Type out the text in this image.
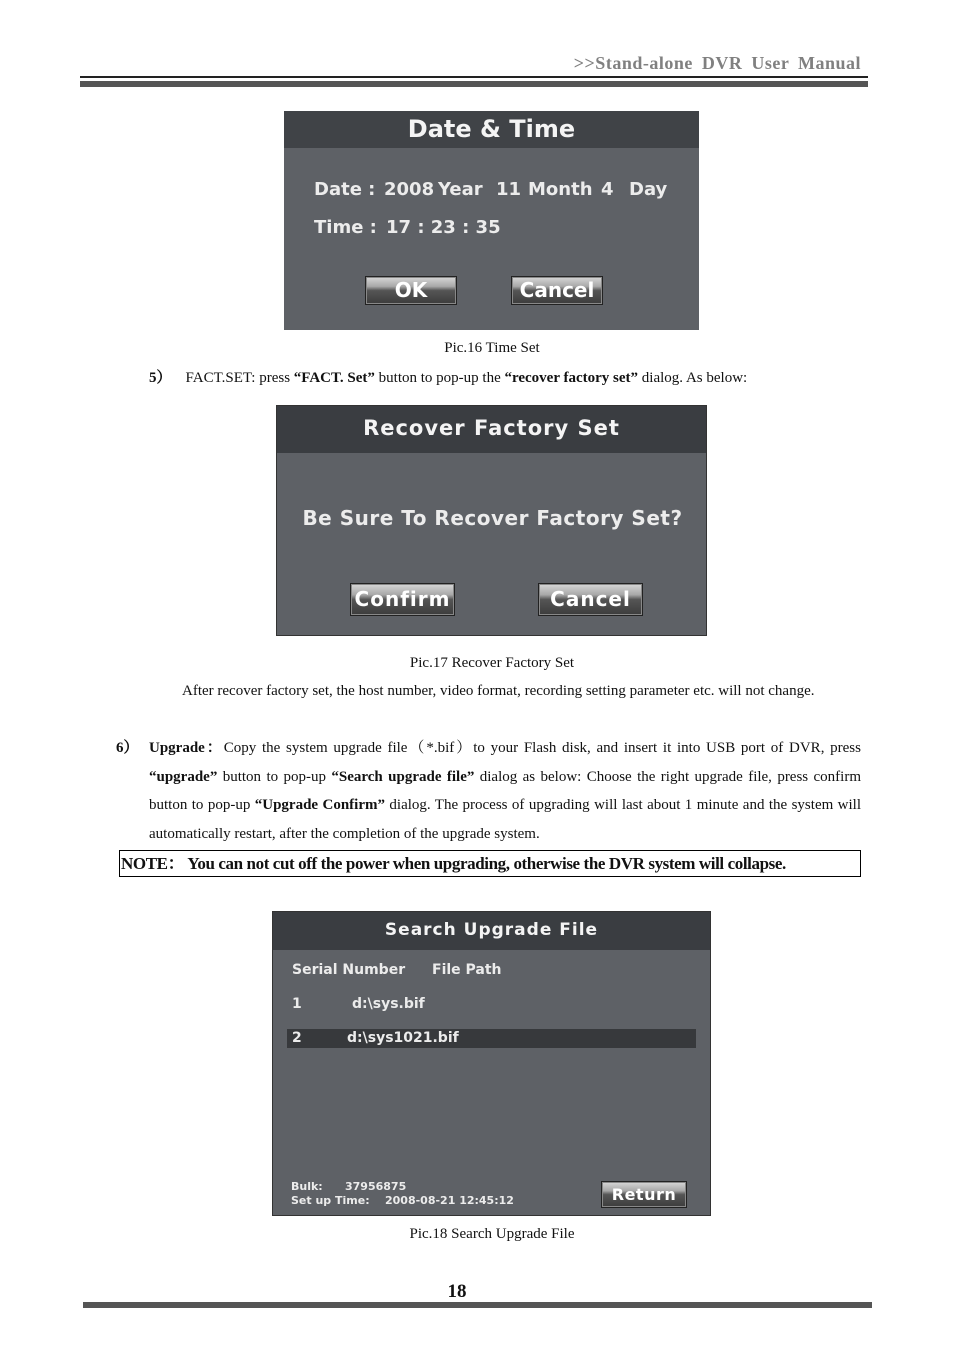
>>Stand-alone DVR User Manual
Date & Time
Date : 2008 Year 11 Month 4 Day
Time : 17 : 23 : 35
OK	Cancel
Pic.16 Time Set
5） FACT.SET: press “FACT. Set” button to pop-up the “recover factory set” dialog. As below:
Recover Factory Set
Be Sure To Recover Factory Set?
Confirm	Cancel
Pic.17 Recover Factory Set
After recover factory set, the host number, video format, recording setting parameter etc. will not change.
6） Upgrade：Copy the system upgrade file（*.bif）to your Flash disk, and insert it into USB port of DVR, press “upgrade” button to pop-up “Search upgrade file” dialog as below: Choose the right upgrade file, press confirm button to pop-up “Upgrade Confirm” dialog. The process of upgrading will last about 1 minute and the system will automatically restart, after the completion of the upgrade system.
NOTE： You can not cut off the power when upgrading, otherwise the DVR system will collapse.
Search Upgrade File
Serial Number File Path
1	d:\sys.bif
2	d:\sys1021.bif
Bulk: 37956875
Set up Time: 2008-08-21 12:45:12	Return
Pic.18 Search Upgrade File
18
